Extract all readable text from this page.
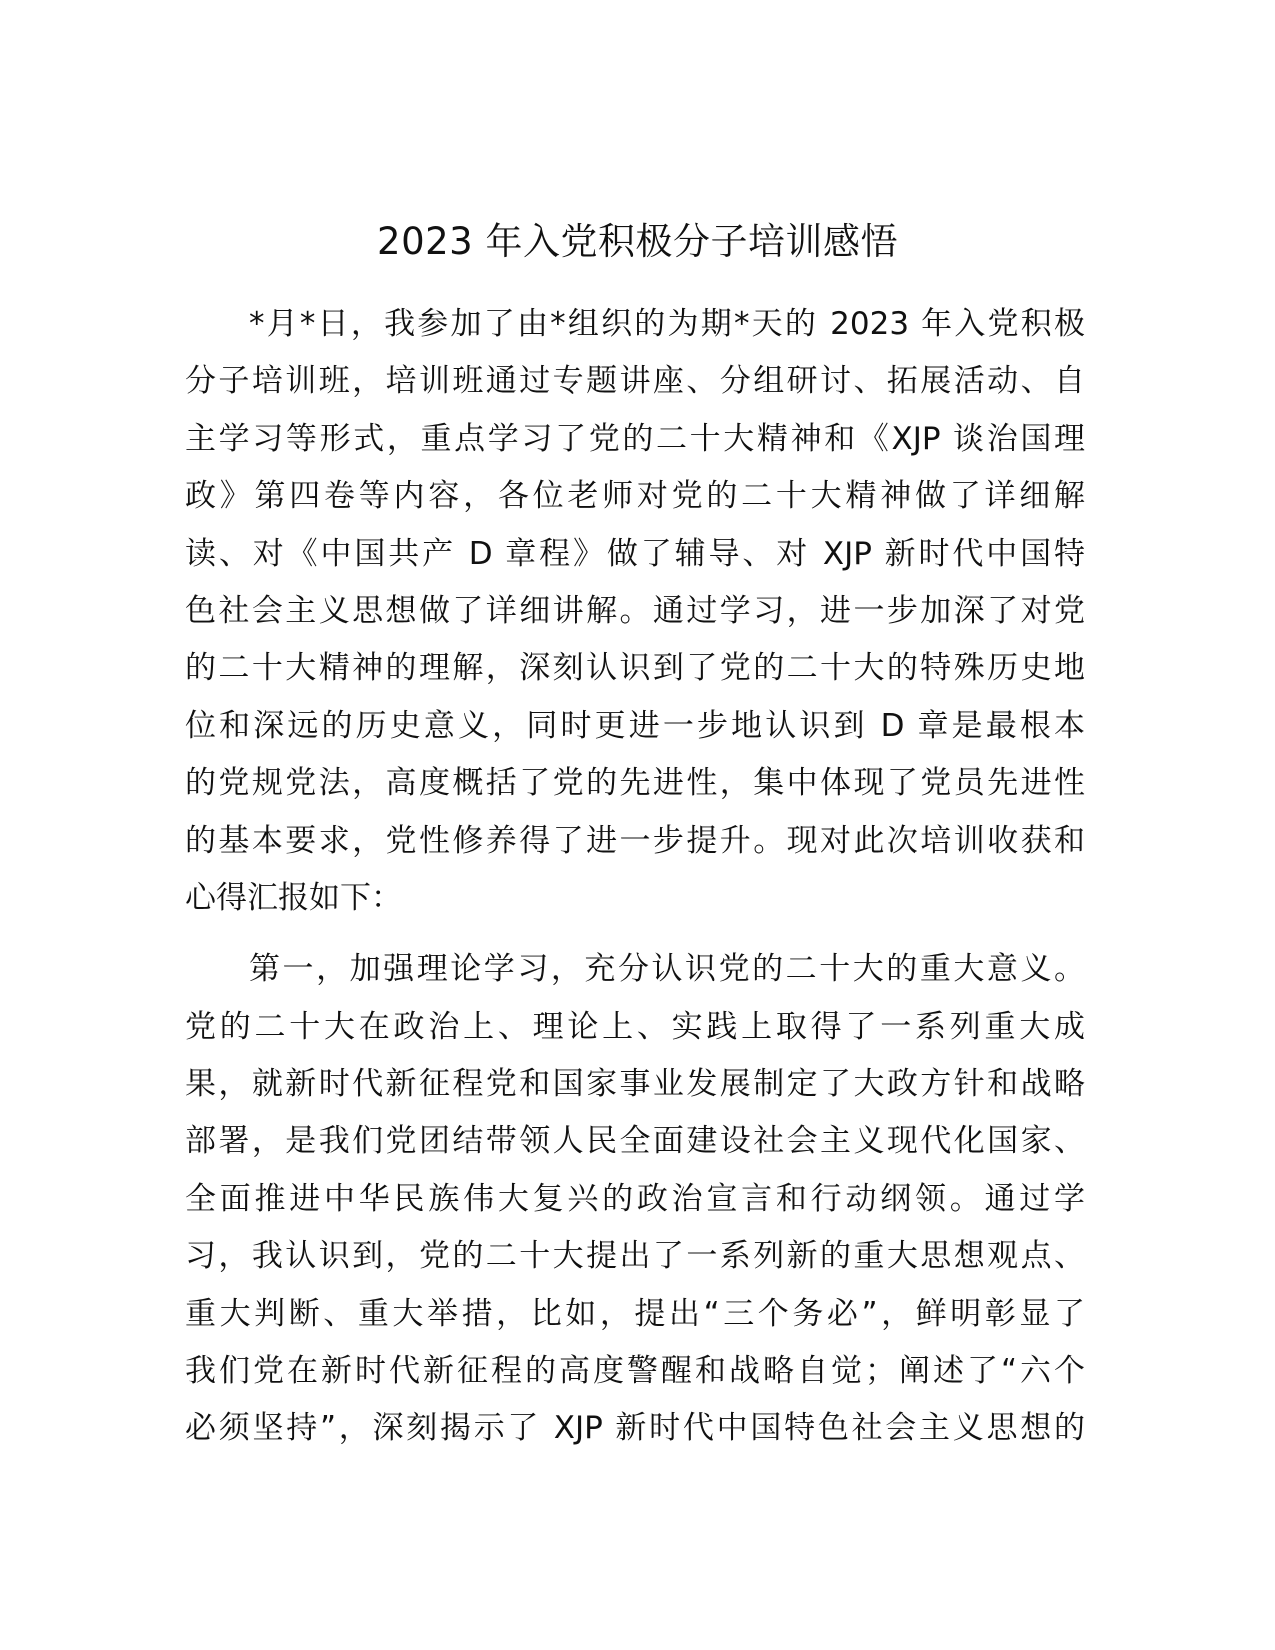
2023 年入党积极分子培训感悟
*月*日，我参加了由*组织的为期*天的 2023 年入党积极
分子培训班，培训班通过专题讲座、分组研讨、拓展活动、自
主学习等形式，重点学习了党的二十大精神和《XJP 谈治国理
政》第四卷等内容，各位老师对党的二十大精神做了详细解
读、对《中国共产 D 章程》做了辅导、对 XJP 新时代中国特
色社会主义思想做了详细讲解。通过学习，进一步加深了对党
的二十大精神的理解，深刻认识到了党的二十大的特殊历史地
位和深远的历史意义，同时更进一步地认识到 D 章是最根本
的党规党法，高度概括了党的先进性，集中体现了党员先进性
的基本要求，党性修养得了进一步提升。现对此次培训收获和
心得汇报如下：
第一，加强理论学习，充分认识党的二十大的重大意义。
党的二十大在政治上、理论上、实践上取得了一系列重大成
果，就新时代新征程党和国家事业发展制定了大政方针和战略
部署，是我们党团结带领人民全面建设社会主义现代化国家、
全面推进中华民族伟大复兴的政治宣言和行动纲领。通过学
习，我认识到，党的二十大提出了一系列新的重大思想观点、
重大判断、重大举措，比如，提出“三个务必”，鲜明彰显了
我们党在新时代新征程的高度警醒和战略自觉；阐述了“六个
必须坚持”，深刻揭示了 XJP 新时代中国特色社会主义思想的
